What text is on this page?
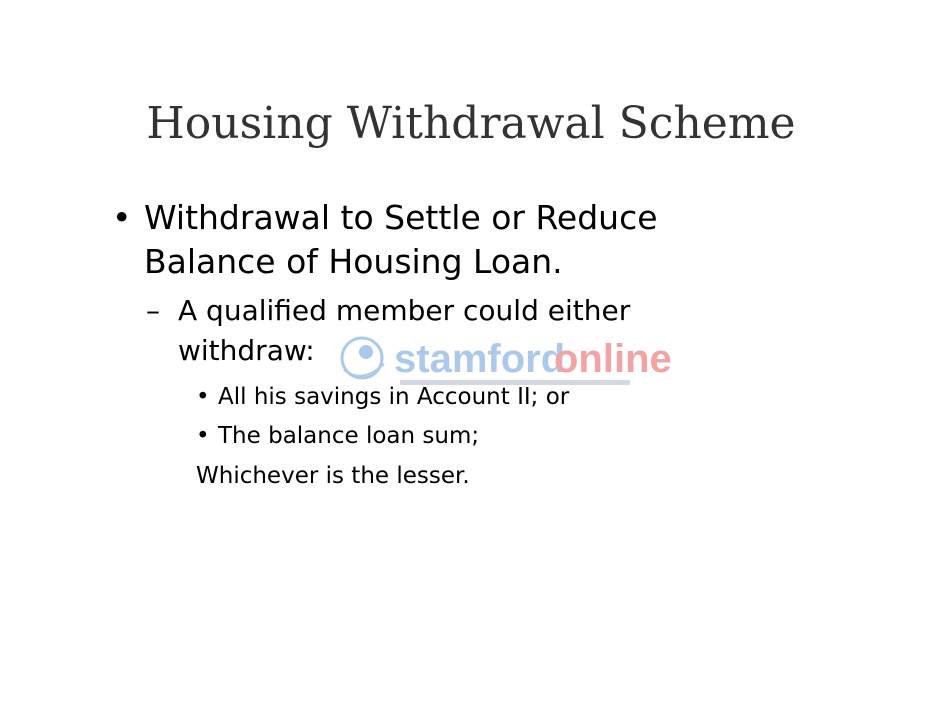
Housing Withdrawal Scheme
• Withdrawal to Settle or Reduce
Balance of Housing Loan.
– A qualified member could either
withdraw:
• All his savings in Account II; or
• The balance loan sum;
Whichever is the lesser.
stamford
online
